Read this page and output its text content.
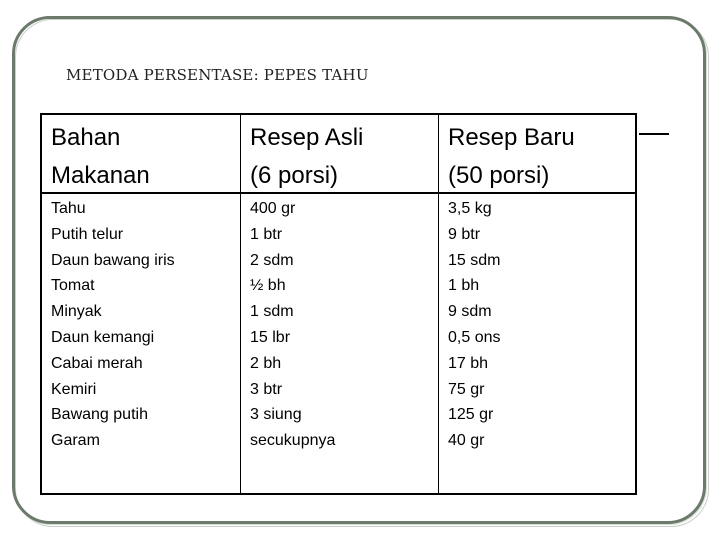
METODA PERSENTASE: PEPES TAHU
Bahan
Makanan
Resep Asli
(6 porsi)
Resep Baru
(50 porsi)
Tahu
Putih telur
Daun bawang iris
Tomat
Minyak
Daun kemangi
Cabai merah
Kemiri
Bawang putih
Garam
400 gr
1 btr
2 sdm
½ bh
1 sdm
15 lbr
2 bh
3 btr
3 siung
secukupnya
3,5 kg
9 btr
15 sdm
1 bh
9 sdm
0,5 ons
17 bh
75 gr
125 gr
40 gr
